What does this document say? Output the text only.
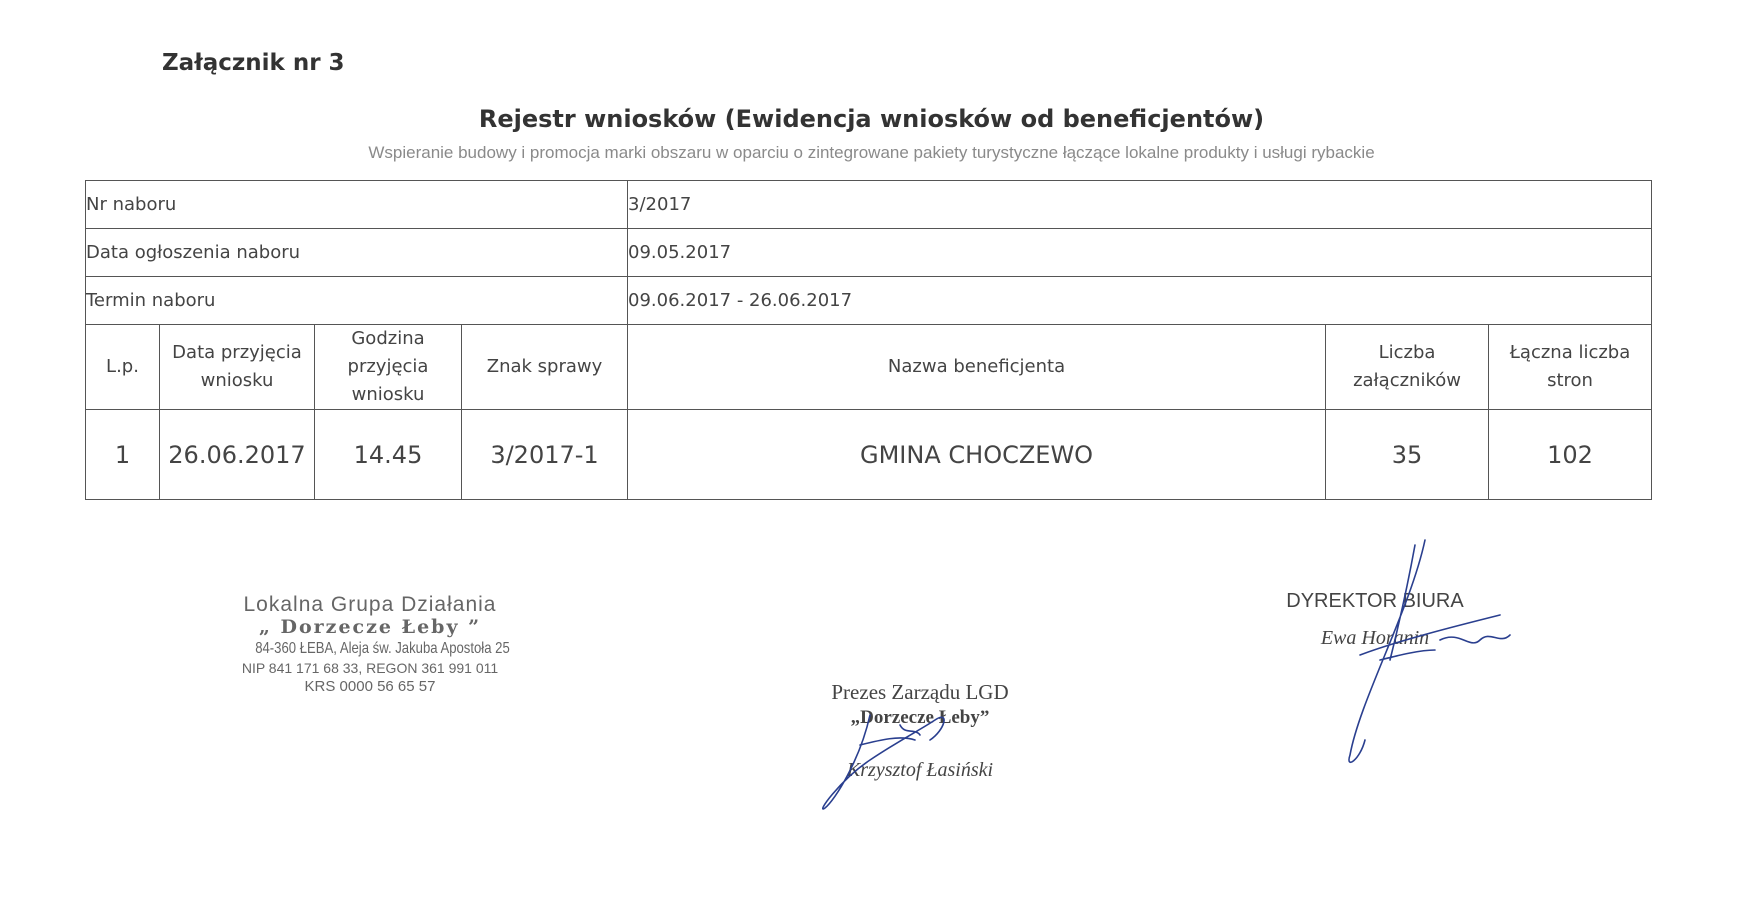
Załącznik nr 3
Rejestr wniosków (Ewidencja wniosków od beneficjentów)
Wspieranie budowy i promocja marki obszaru w oparciu o zintegrowane pakiety turystyczne łączące lokalne produkty i usługi rybackie
Nr naboru				3/2017		
Data ogłoszenia naboru				09.05.2017		
Termin naboru				09.06.2017 - 26.06.2017		
L.p.	Data przyjęcia wniosku	Godzina przyjęcia wniosku	Znak sprawy	Nazwa beneficjenta	Liczba załączników	Łączna liczba stron
1	26.06.2017	14.45	3/2017-1	GMINA CHOCZEWO	35	102
Lokalna Grupa Działania
„ Dorzecze Łeby ”
84-360 ŁEBA, Aleja św. Jakuba Apostoła 25
NIP 841 171 68 33, REGON 361 991 011
KRS 0000 56 65 57	Prezes Zarządu LGD
„Dorzecze Łeby”
Krzysztof Łasiński
DYREKTOR BIURA
Ewa Horanin
